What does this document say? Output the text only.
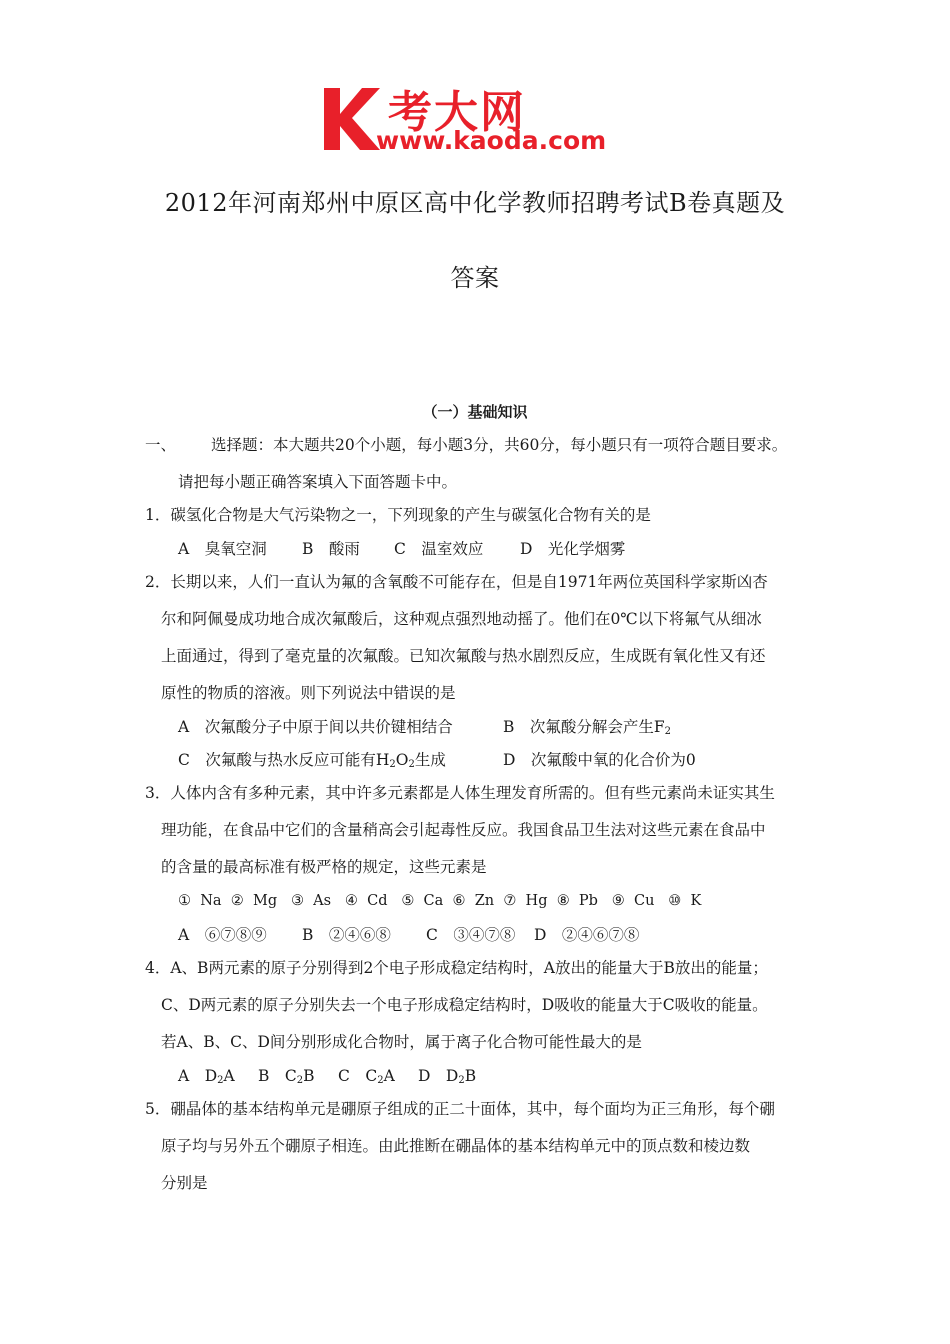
考大网
www.kaoda.com
2012年河南郑州中原区高中化学教师招聘考试B卷真题及
答案
（一）基础知识
一、 选择题：本大题共20个小题，每小题3分，共60分，每小题只有一项符合题目要求。
请把每小题正确答案填入下面答题卡中。
1．碳氢化合物是大气污染物之一，下列现象的产生与碳氢化合物有关的是
A　臭氧空洞 B　酸雨 C　温室效应 D　光化学烟雾
2．长期以来，人们一直认为氟的含氧酸不可能存在，但是自1971年两位英国科学家斯凶杏
尔和阿佩曼成功地合成次氟酸后，这种观点强烈地动摇了。他们在0℃以下将氟气从细冰
上面通过，得到了毫克量的次氟酸。已知次氟酸与热水剧烈反应，生成既有氧化性又有还
原性的物质的溶液。则下列说法中错误的是
A　次氟酸分子中原于间以共价键相结合	B　次氟酸分解会产生$F_2$
C　次氟酸与热水反应可能有$H_2O_2$生成	D　次氟酸中氧的化合价为0
3．人体内含有多种元素，其中许多元素都是人体生理发育所需的。但有些元素尚未证实其生
理功能，在食品中它们的含量稍高会引起毒性反应。我国食品卫生法对这些元素在食品中
的含量的最高标准有极严格的规定，这些元素是
①  Na  ②  Mg   ③  As   ④  Cd   ⑤  Ca  ⑥  Zn  ⑦  Hg  ⑧  Pb   ⑨  Cu   ⑩  K
A　⑥⑦⑧⑨ B　②④⑥⑧ C　③④⑦⑧ D　②④⑥⑦⑧
4．A、B两元素的原子分别得到2个电子形成稳定结构时，A放出的能量大于B放出的能量；
C、D两元素的原子分别失去一个电子形成稳定结构时，D吸收的能量大于C吸收的能量。
若A、B、C、D间分别形成化合物时，属于离子化合物可能性最大的是
A　$D_2A$ B　$C_2B$ C　$C_2A$ D　$D_2B$
5．硼晶体的基本结构单元是硼原子组成的正二十面体，其中，每个面均为正三角形，每个硼
原子均与另外五个硼原子相连。由此推断在硼晶体的基本结构单元中的顶点数和棱边数
分别是
